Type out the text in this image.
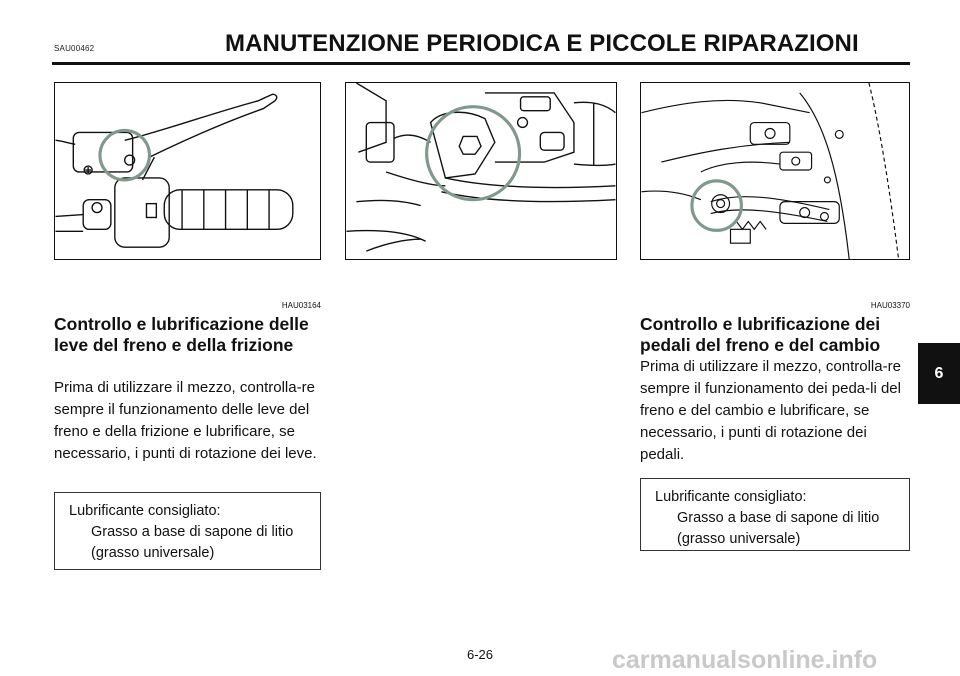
SAU00462	MANUTENZIONE PERIODICA E PICCOLE RIPARAZIONI
HAU03164
Controllo e lubrificazione delle leve del freno e della frizione
Prima di utilizzare il mezzo, controlla-re sempre il funzionamento delle leve del freno e della frizione e lubrificare, se necessario, i punti di rotazione dei leve.
Lubrificante consigliato:
Grasso a base di sapone di litio
(grasso universale)
HAU03370
Controllo e lubrificazione dei pedali del freno e del cambio
Prima di utilizzare il mezzo, controlla-re sempre il funzionamento dei peda-li del freno e del cambio e lubrificare, se necessario, i punti di rotazione dei pedali.
Lubrificante consigliato:
Grasso a base di sapone di litio
(grasso universale)
6
6-26	carmanualsonline.info
